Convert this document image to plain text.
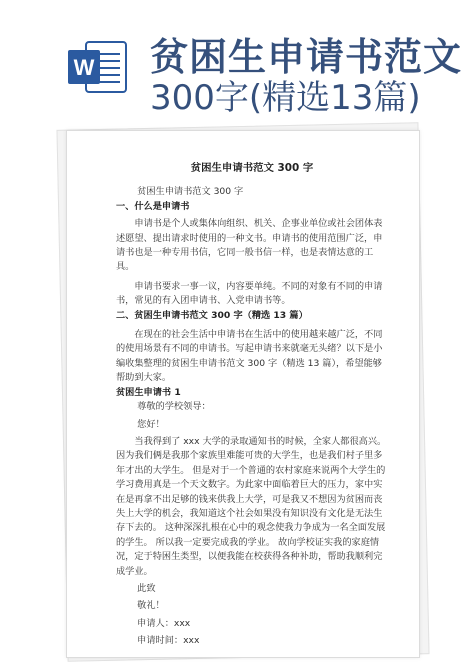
W 贫困生申请书范文
300字(精选13篇)
贫困生申请书范文 300 字

贫困生申请书范文 300 字

一、什么是申请书

申请书是个人或集体向组织、机关、企事业单位或社会团体表述愿望、提出请求时使用的一种文书。申请书的使用范围广泛，申请书也是一种专用书信，它同一般书信一样，也是表情达意的工具。

申请书要求一事一议，内容要单纯。不同的对象有不同的申请书，常见的有入团申请书、入党申请书等。

二、贫困生申请书范文 300 字（精选 13 篇）

在现在的社会生活中申请书在生活中的使用越来越广泛，不同的使用场景有不同的申请书。写起申请书来就毫无头绪？以下是小编收集整理的贫困生申请书范文 300 字（精选 13 篇），希望能够帮助到大家。

贫困生申请书 1

尊敬的学校领导：

您好！

当我得到了 xxx 大学的录取通知书的时候，全家人都很高兴。因为我们俩是我那个家族里难能可贵的大学生，也是我们村子里多年才出的大学生。 但是对于一个普通的农村家庭来说两个大学生的学习费用真是一个天文数字。为此家中面临着巨大的压力，家中实在是再拿不出足够的钱来供我上大学，可是我又不想因为贫困而丧失上大学的机会，我知道这个社会如果没有知识没有文化是无法生存下去的。 这种深深扎根在心中的观念使我力争成为一名全面发展的学生。 所以我一定要完成我的学业。 故向学校证实我的家庭情况，定于特困生类型，以便我能在校获得各种补助，帮助我顺利完成学业。

此致

敬礼！

申请人：xxx

申请时间：xxx
